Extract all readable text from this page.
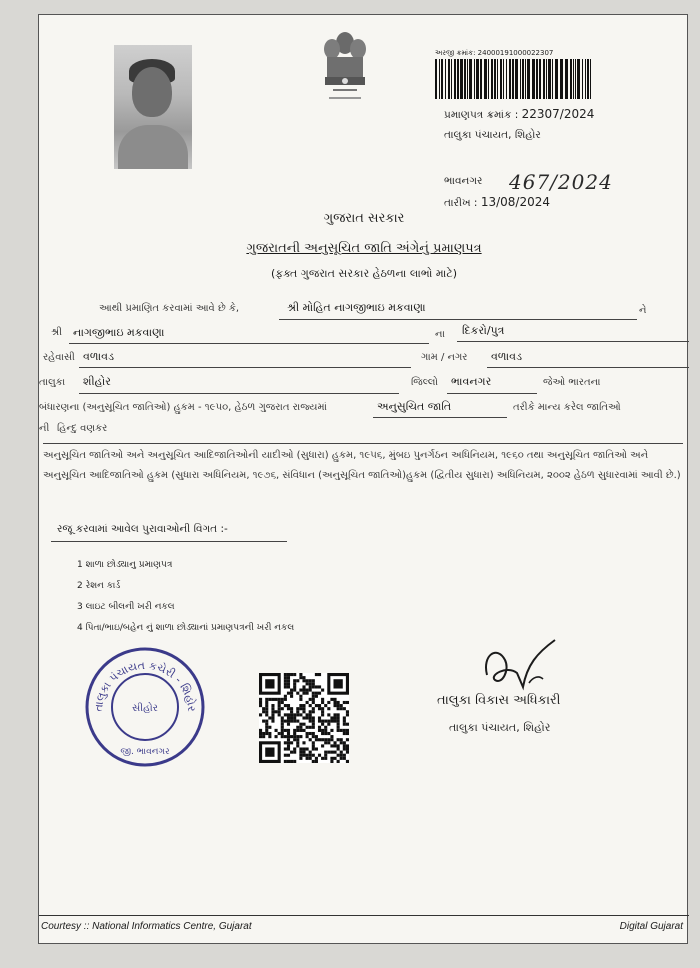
અરજી ક્રમાંક: 240001910000223​07
પ્રમાણપત્ર ક્રમાંક : 22307/2024
તાલુકા પંચાયત, શિહોર
ભાવનગર 467/2024
તારીખ : 13/08/2024
ગુજરાત સરકાર
ગુજરાતની અનુસૂચિત જાતિ અંગેનું પ્રમાણપત્ર
(ફક્ત ગુજરાત સરકાર હેઠળના લાભો માટે)
આથી પ્રમાણિત કરવામાં આવે છે કે,	શ્રી મોહિત નાગજીભાઇ મકવાણા	ને
શ્રી નાગજીભાઇ મકવાણા	ના દિકરો/પુત્ર
રહેવાસી વળાવડ	ગામ / નગર વળાવડ
તાલુકા શીહોર	જિલ્લો ભાવનગર	જેઓ ભારતના
બંધારણના (અનુસૂચિત જાતિઓ) હુકમ - ૧૯૫૦, હેઠળ ગુજરાત રાજ્યમાં	અનુસુચિત જાતિ	તરીકે માન્ય કરેલ જાતિઓ
ની હિન્દુ વણકર
અનુસૂચિત જાતિઓ અને અનુસૂચિત આદિજાતિઓની યાદીઓ (સુધારા) હુકમ, ૧૯૫૬, મુંબઇ પુનર્ગઠન અધિનિયમ, ૧૯૬૦ તથા અનુસૂચિત જાતિઓ અને અનુસૂચિત આદિજાતિઓ હુકમ (સુધારા અધિનિયમ, ૧૯૭૬, સંવિધાન (અનુસૂચિત જાતિઓ)હુકમ (દ્વિતીય સુધારા) અધિનિયમ, ૨૦૦૨ હેઠળ સુધારવામાં આવી છે.)
રજૂ કરવામાં આવેલ પુરાવાઓની વિગત :-
1 શાળા છોડ્યાનુ પ્રમાણપત્ર
2 રેશન કાર્ડ
3 લાઇટ બીલની ખરી નકલ
4 પિતા/ભાઇ/બહેન નું શાળા છોડ્યાનાં પ્રમાણપત્રની ખરી નકલ
તાલુકા વિકાસ અધિકારી
તાલુકા પંચાયત, શિહોર
તાલુકા પંચાયત કચેરી - શિહોર
સીહોર
જી. ભાવનગર
Courtesy :: National Informatics Centre, Gujarat	Digital Gujarat
